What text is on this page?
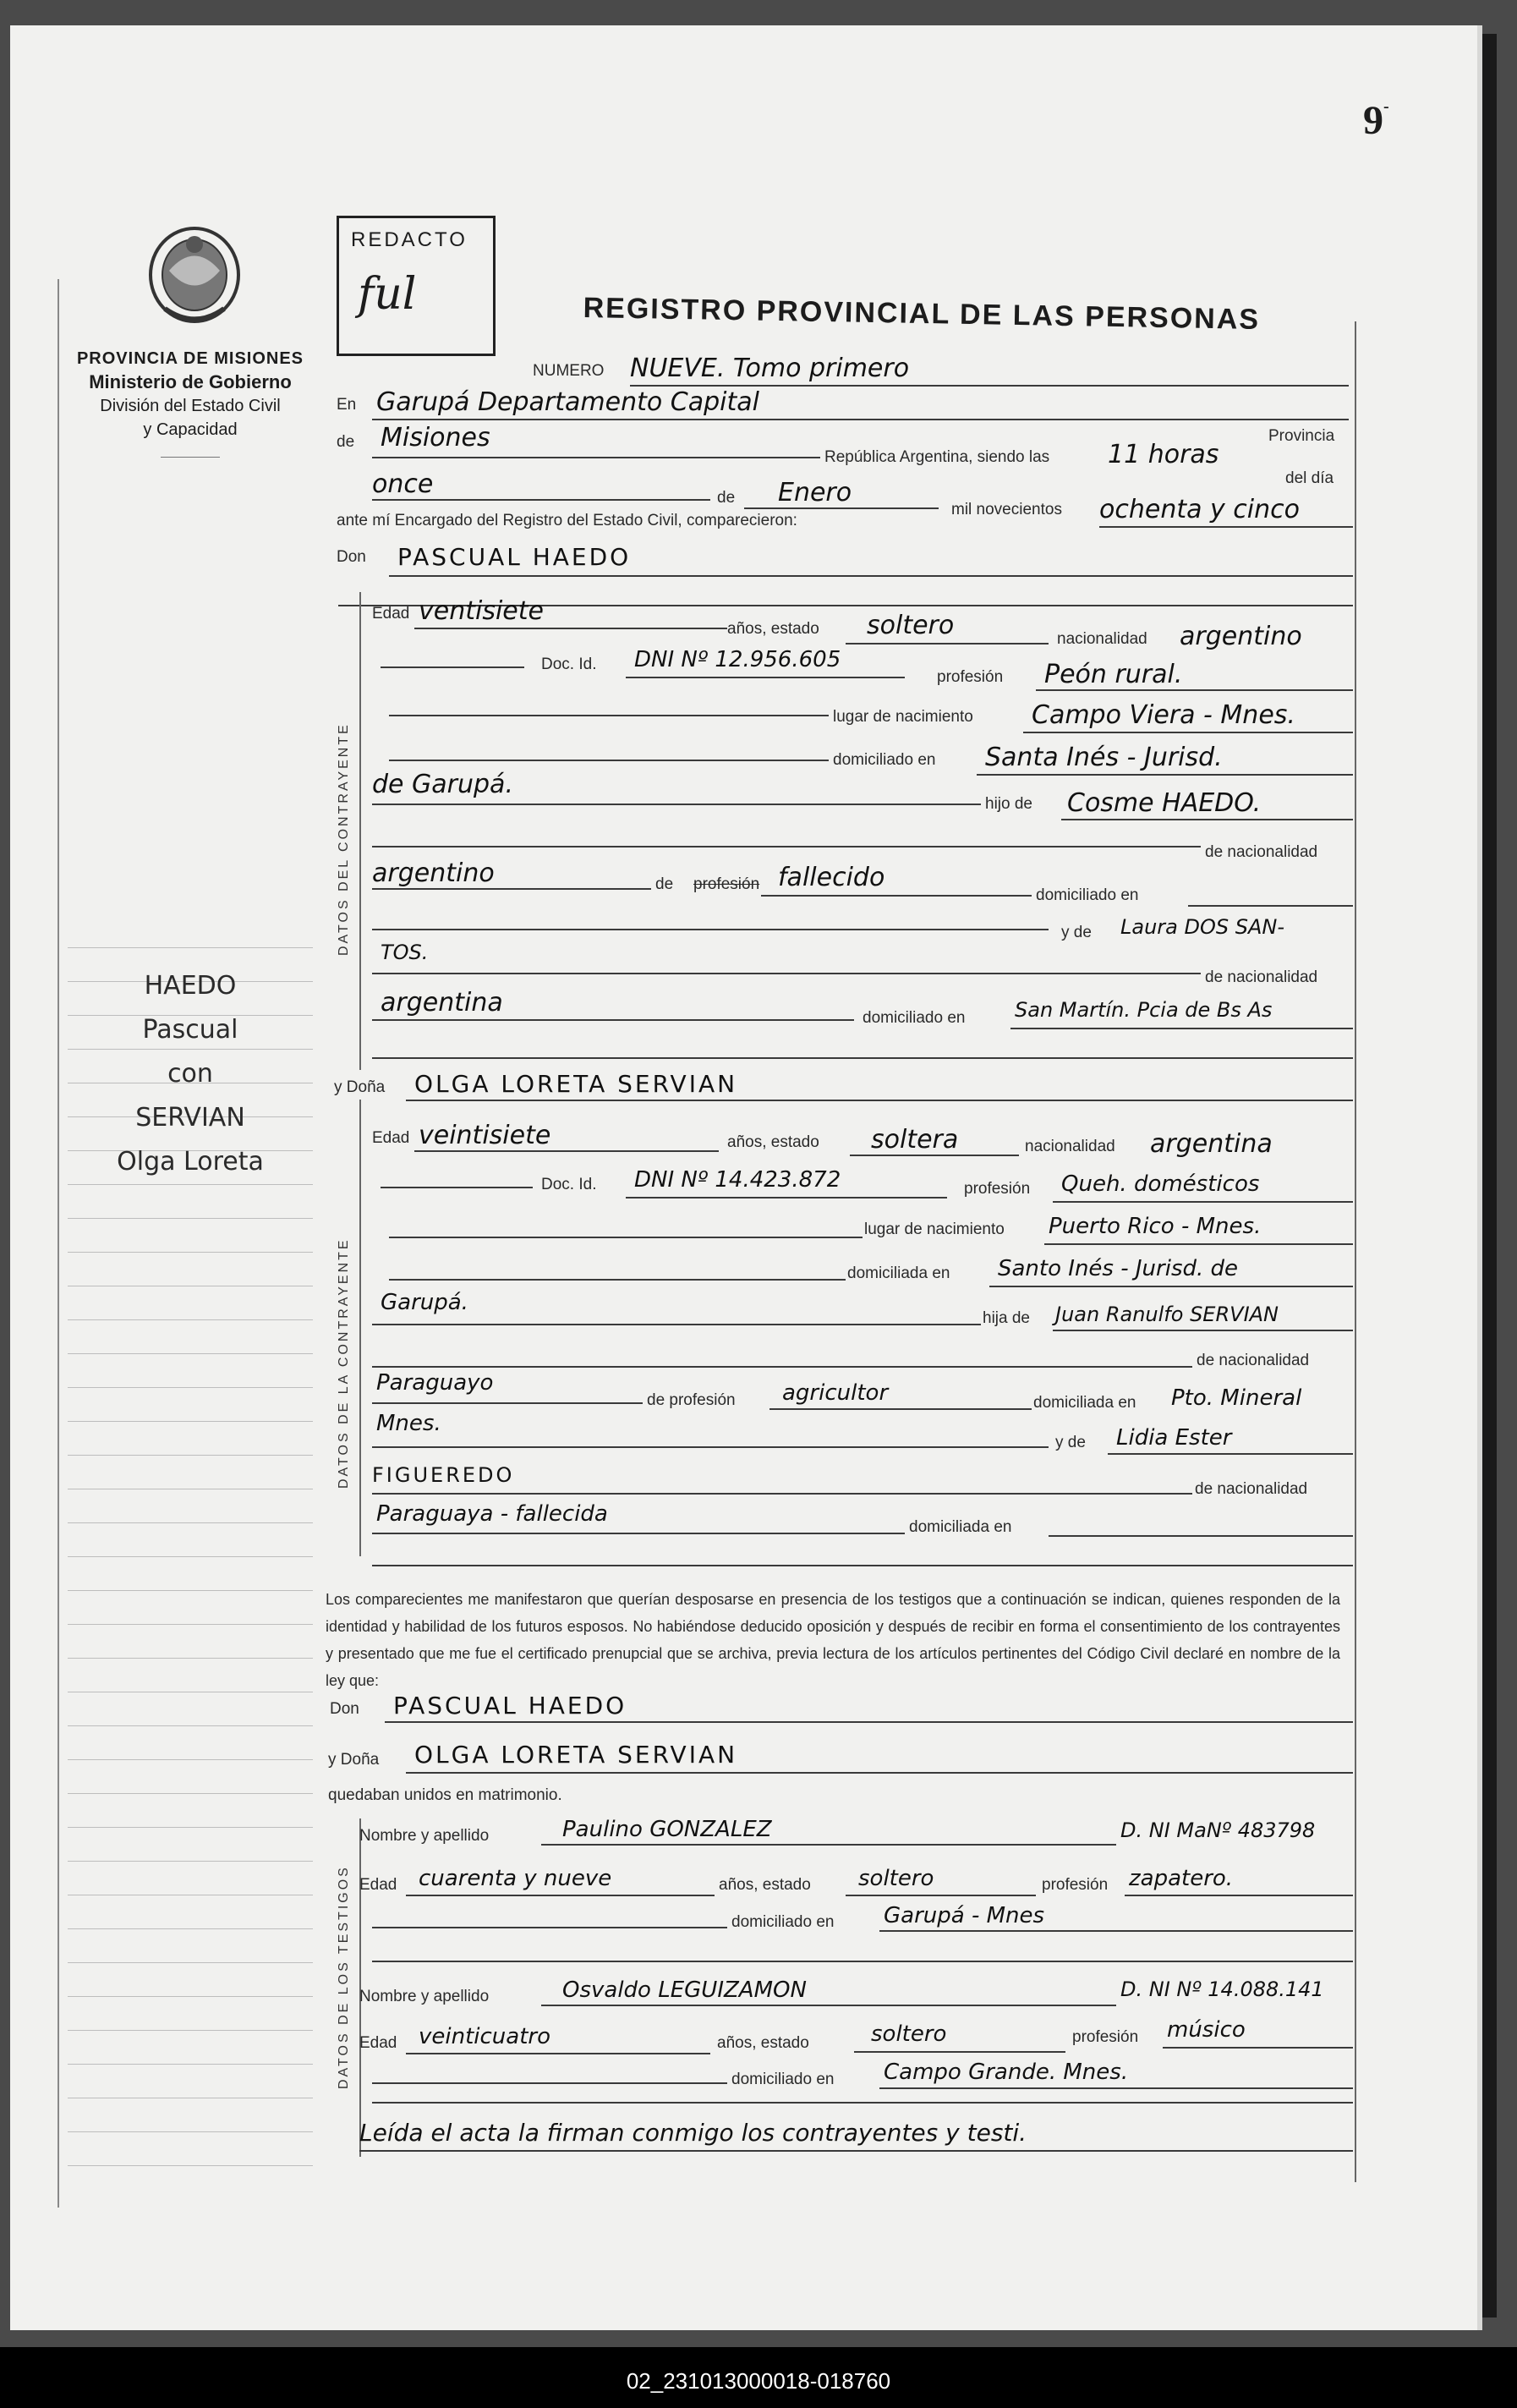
9-
PROVINCIA DE MISIONES
Ministerio de Gobierno
División del Estado Civil
y Capacidad
HAEDO
Pascual
con
SERVIAN
Olga Loreta
REDACTO
ful	REGISTRO PROVINCIAL DE LAS PERSONAS
NUMERO NUEVE. Tomo primero
En Garupá Departamento Capital
de Misiones
República Argentina, siendo las 11 horas
Provincia
del día
once	de Enero
mil novecientos ochenta y cinco
ante mí Encargado del Registro del Estado Civil, comparecieron:
Don PASCUAL HAEDO
DATOS DEL CONTRAYENTE
Edad ventisiete
años, estado soltero	nacionalidad argentino
Doc. Id. DNI Nº 12.956.605
profesión Peón rural.
lugar de nacimiento Campo Viera - Mnes.
domiciliado en Santa Inés - Jurisd.
de Garupá.
hijo de Cosme HAEDO.
de nacionalidad
argentino	de profesión fallecido
domiciliado en
y de Laura DOS SAN-
TOS.
de nacionalidad
argentina
domiciliado en San Martín. Pcia de Bs As
y Doña OLGA LORETA SERVIAN
DATOS DE LA CONTRAYENTE
Edad veintisiete	años, estado soltera	nacionalidad argentina
Doc. Id. DNI Nº 14.423.872	profesión Queh. domésticos
lugar de nacimiento Puerto Rico - Mnes.
domiciliada en Santo Inés - Jurisd. de
Garupá.
hija de Juan Ranulfo SERVIAN
de nacionalidad
Paraguayo
de profesión agricultor	domiciliada en Pto. Mineral
Mnes.
y de Lidia Ester
FIGUEREDO
de nacionalidad
Paraguaya - fallecida
domiciliada en
Los comparecientes me manifestaron que querían desposarse en presencia de los testigos que a continuación se indican, quienes responden de la identidad y habilidad de los futuros esposos. No habiéndose deducido oposición y después de recibir en forma el consentimiento de los contrayentes y presentado que me fue el certificado prenupcial que se archiva, previa lectura de los artículos pertinentes del Código Civil declaré en nombre de la ley que:
Don PASCUAL HAEDO
y Doña OLGA LORETA SERVIAN
quedaban unidos en matrimonio.
DATOS DE LOS TESTIGOS
Nombre y apellido	Paulino GONZALEZ	D. NI MaNº 483798
Edad cuarenta y nueve	años, estado soltero	profesión zapatero.
domiciliado en Garupá - Mnes
Nombre y apellido	Osvaldo LEGUIZAMON	D. NI Nº 14.088.141
Edad veinticuatro	años, estado	soltero	profesión músico
domiciliado en Campo Grande. Mnes.
Leída el acta la firman conmigo los contrayentes y testi.
02_231013000018-018760
